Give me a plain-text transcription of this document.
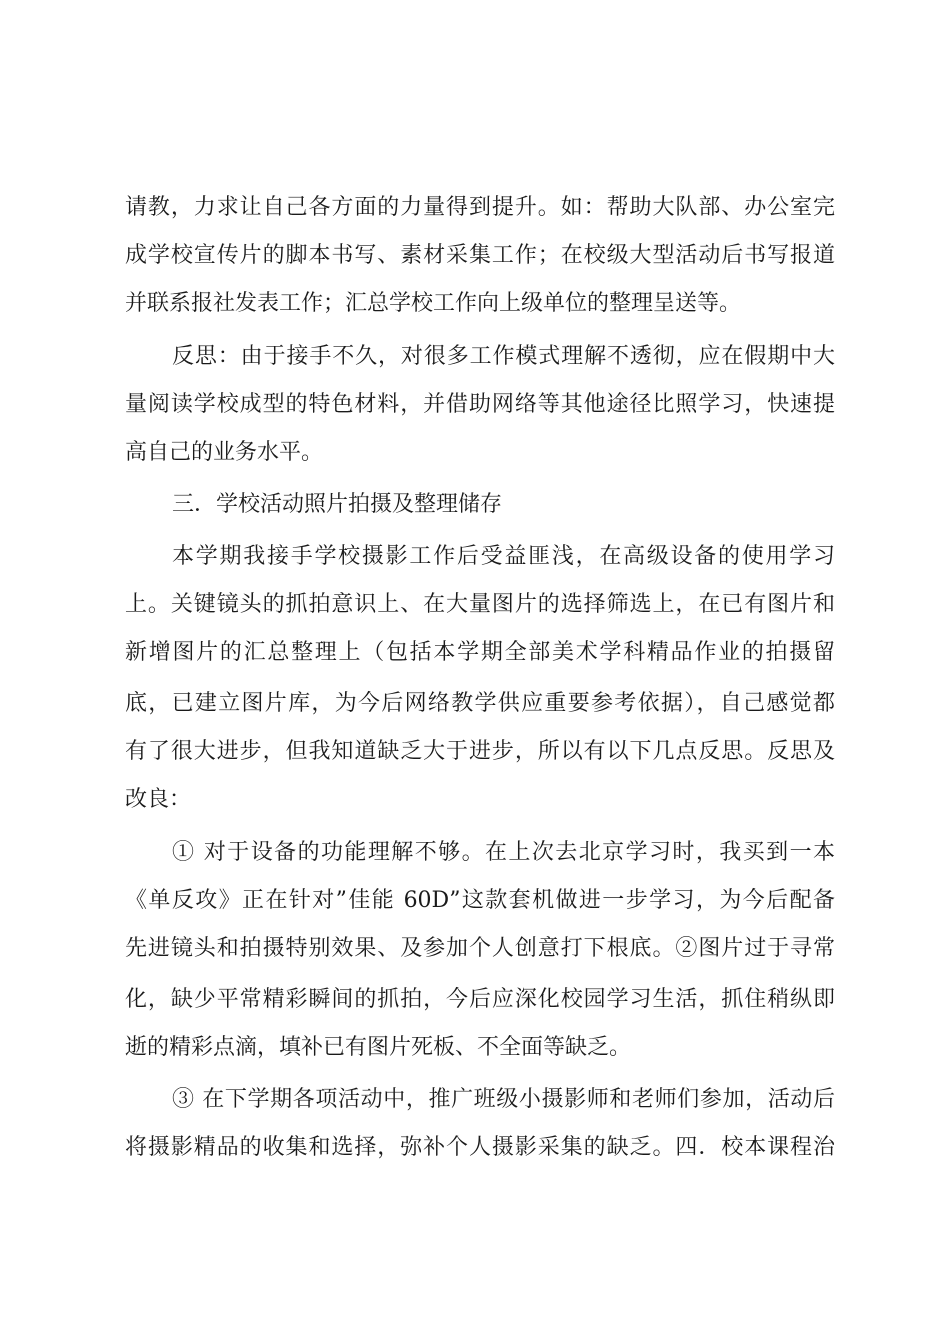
请教，力求让自己各方面的力量得到提升。如：帮助大队部、办公室完

成学校宣传片的脚本书写、素材采集工作；在校级大型活动后书写报道

并联系报社发表工作；汇总学校工作向上级单位的整理呈送等。

反思：由于接手不久，对很多工作模式理解不透彻，应在假期中大

量阅读学校成型的特色材料，并借助网络等其他途径比照学习，快速提

高自己的业务水平。

三．学校活动照片拍摄及整理储存

本学期我接手学校摄影工作后受益匪浅，在高级设备的使用学习

上。关键镜头的抓拍意识上、在大量图片的选择筛选上，在已有图片和

新增图片的汇总整理上（包括本学期全部美术学科精品作业的拍摄留

底，已建立图片库，为今后网络教学供应重要参考依据），自己感觉都

有了很大进步，但我知道缺乏大于进步，所以有以下几点反思。反思及

改良：

① 对于设备的功能理解不够。在上次去北京学习时，我买到一本

《单反攻》正在针对”佳能 60D”这款套机做进一步学习，为今后配备

先进镜头和拍摄特别效果、及参加个人创意打下根底。②图片过于寻常

化，缺少平常精彩瞬间的抓拍，今后应深化校园学习生活，抓住稍纵即

逝的精彩点滴，填补已有图片死板、不全面等缺乏。

③ 在下学期各项活动中，推广班级小摄影师和老师们参加，活动后

将摄影精品的收集和选择，弥补个人摄影采集的缺乏。四．校本课程治
